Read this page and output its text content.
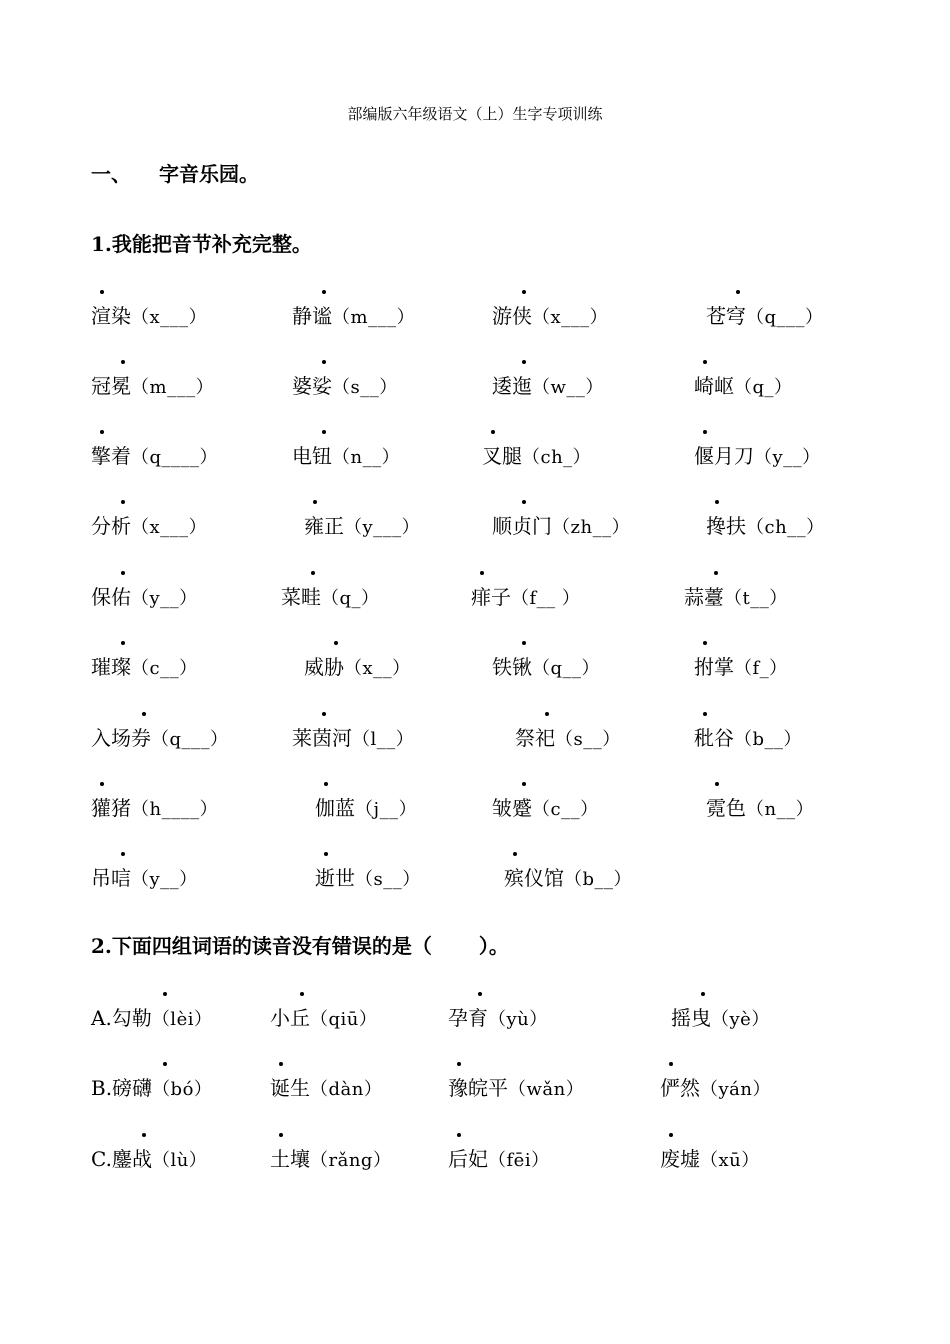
部编版六年级语文（上）生字专项训练
一、 字音乐园。
1.我能把音节补充完整。
渲染（x___）	静谧（m___）	游侠（x___）	苍穹（q___）
冠冕（m___）	婆娑（s__）	逶迤（w__）	崎岖（q_）
擎着（q____）	电钮（n__）	叉腿（ch_）	偃月刀（y__）
分析（x___）	雍正（y___）	顺贞门（zh__）	搀扶（ch__）
保佑（y__）	菜畦（q_）	痱子（f__ ）	蒜薹（t__）
璀璨（c__）	威胁（x__）	铁锹（q__）	拊掌（f_）
入场券（q___）	莱茵河（l__）	祭祀（s__）	秕谷（b__）
獾猪（h____）	伽蓝（j__）	皱蹙（c__）	霓色（n__）
吊唁（y__）	逝世（s__）	殡仪馆（b__）
2.下面四组词语的读音没有错误的是（　　 ）。
A.勾勒（lèi）	小丘（qiū）	孕育（yù）	摇曳（yè）
B.磅礴（bó）	诞生（dàn）	豫皖平（wǎn）	俨然（yán）
C.鏖战（lù）	土壤（rǎng）	后妃（fēi）	废墟（xū）
